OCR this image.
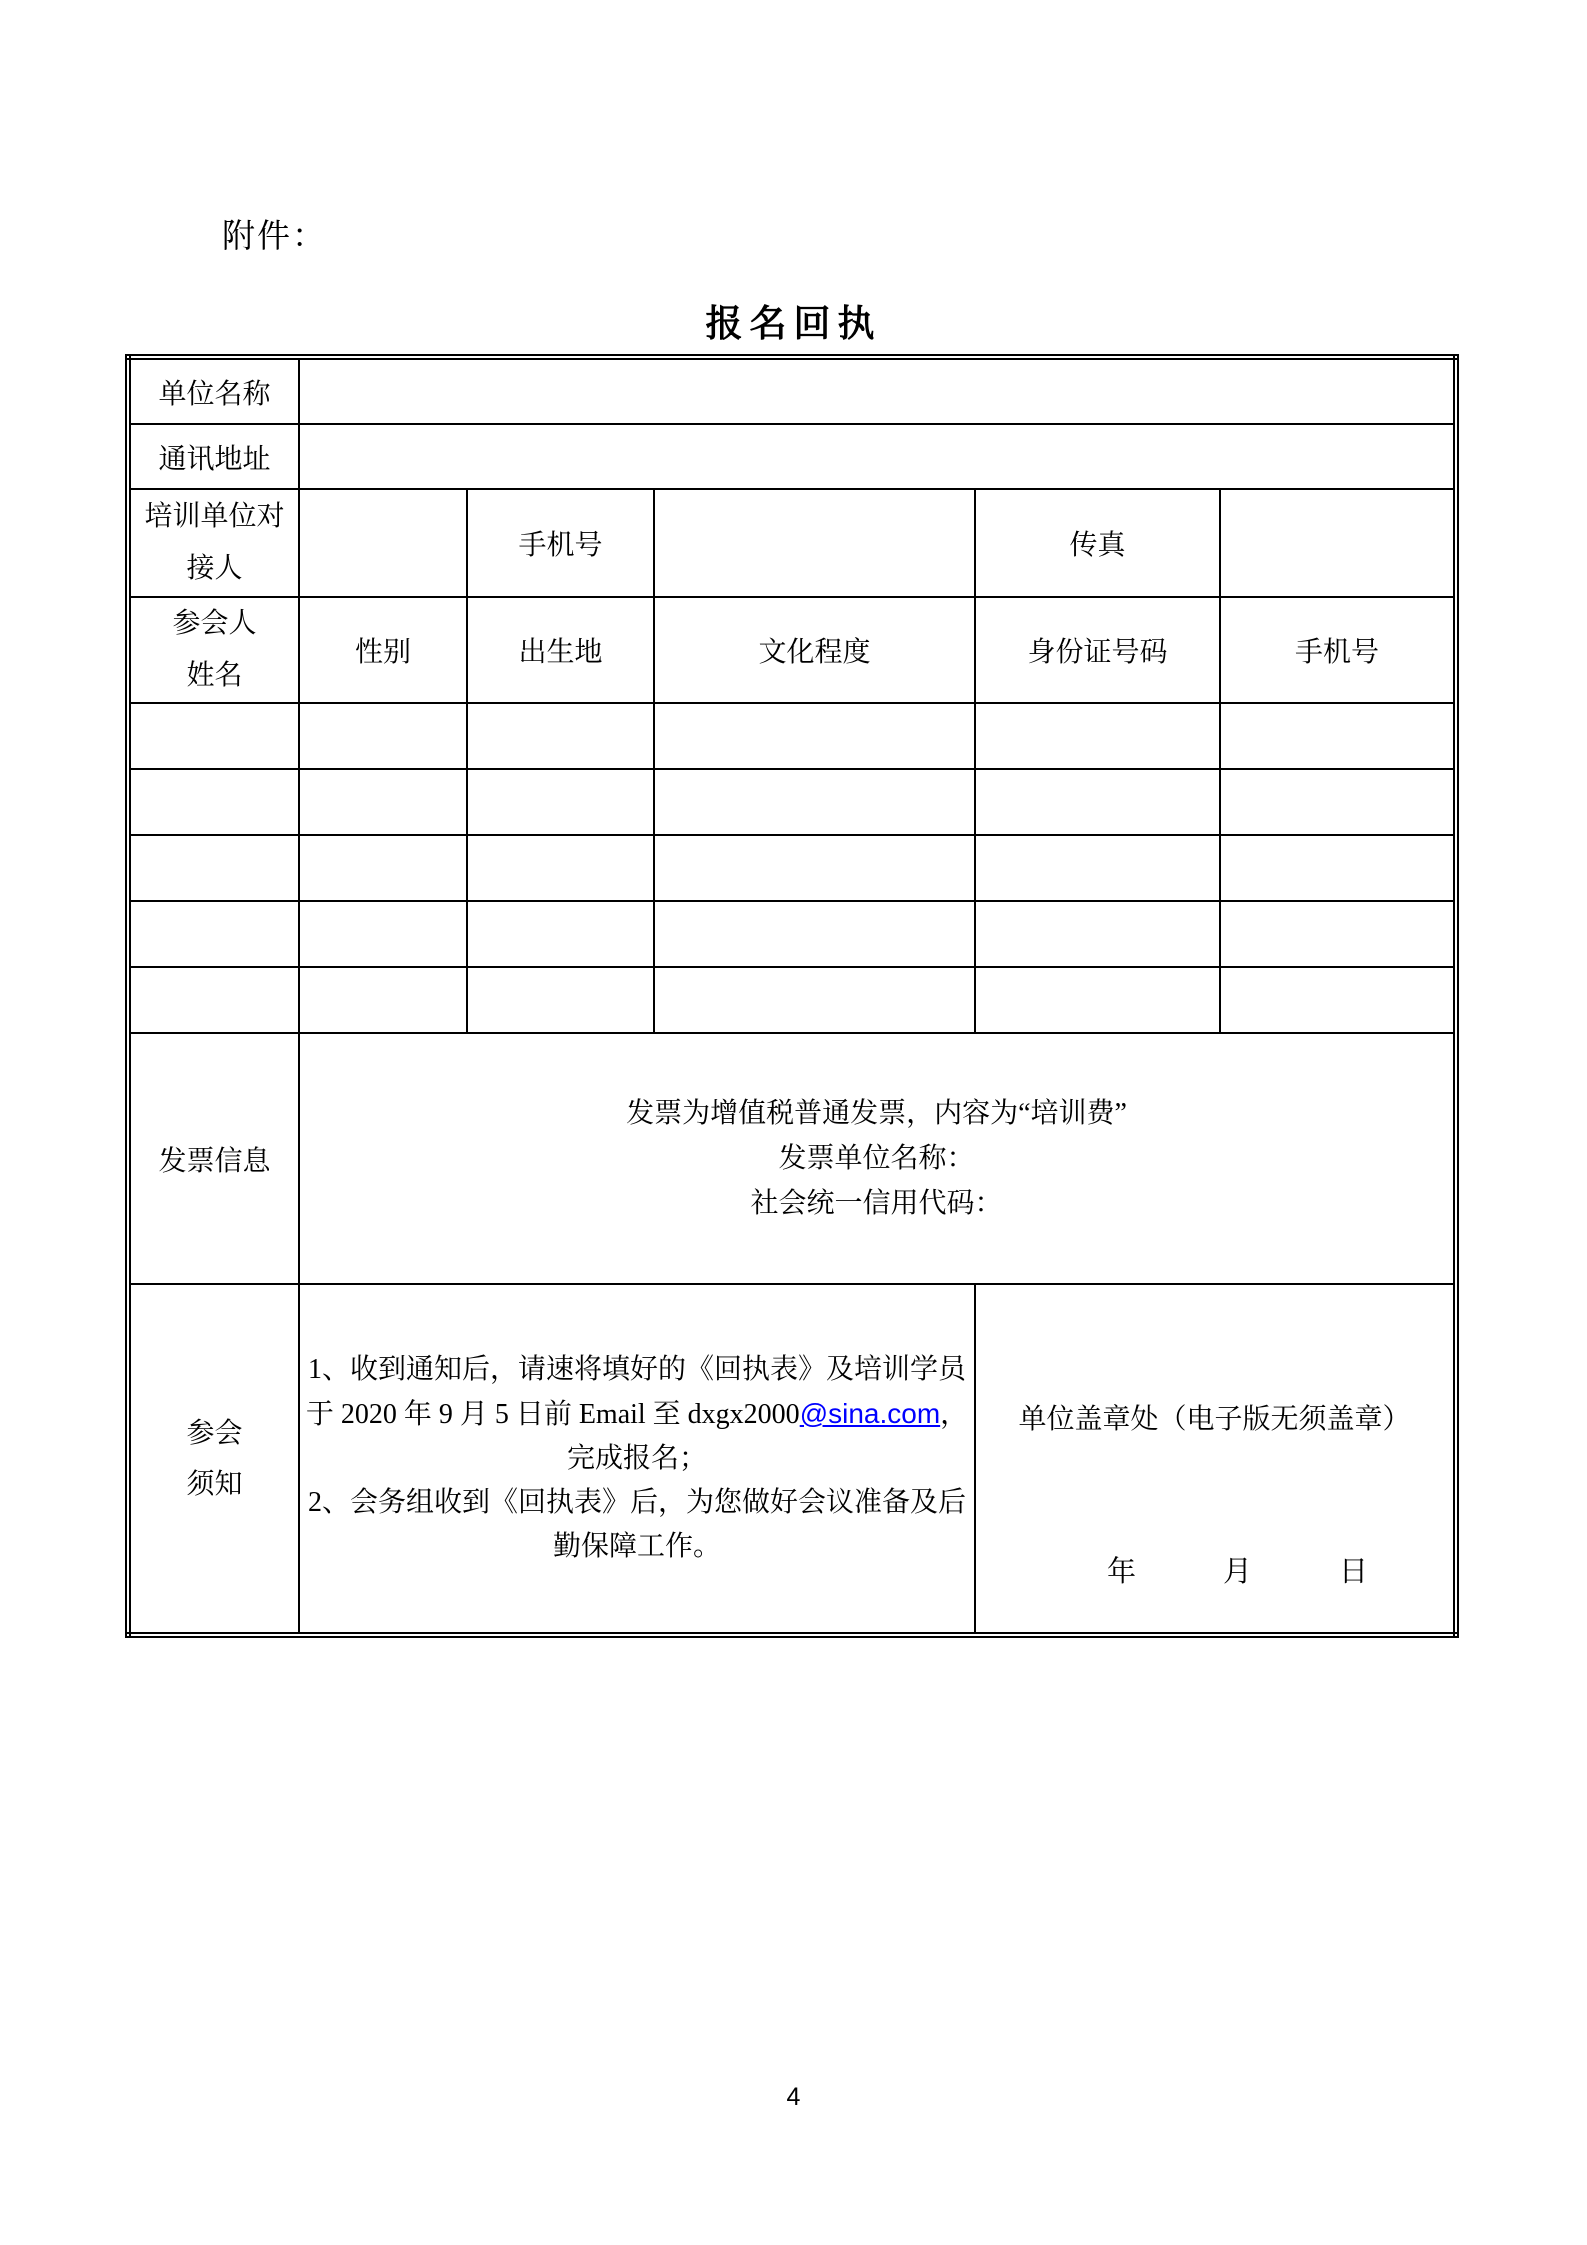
附件：
报名回执
单位名称					
通讯地址					

培训单位对
接人		手机号		传真	

参会人
姓名	性别	出生地	文化程度	身份证号码	手机号

发票信息	发票为增值税普通发票，内容为“培训费”
发票单位名称：
社会统一信用代码：				

参会
须知

1、收到通知后，请速将填好的《回执表》及培训学员
于 2020 年 9 月 5 日前 Email 至 dxgx2000@sina.com，
完成报名；
2、会务组收到《回执表》后，为您做好会议准备及后
勤保障工作。

单位盖章处（电子版无须盖章）
年　　　月　　　日
4
